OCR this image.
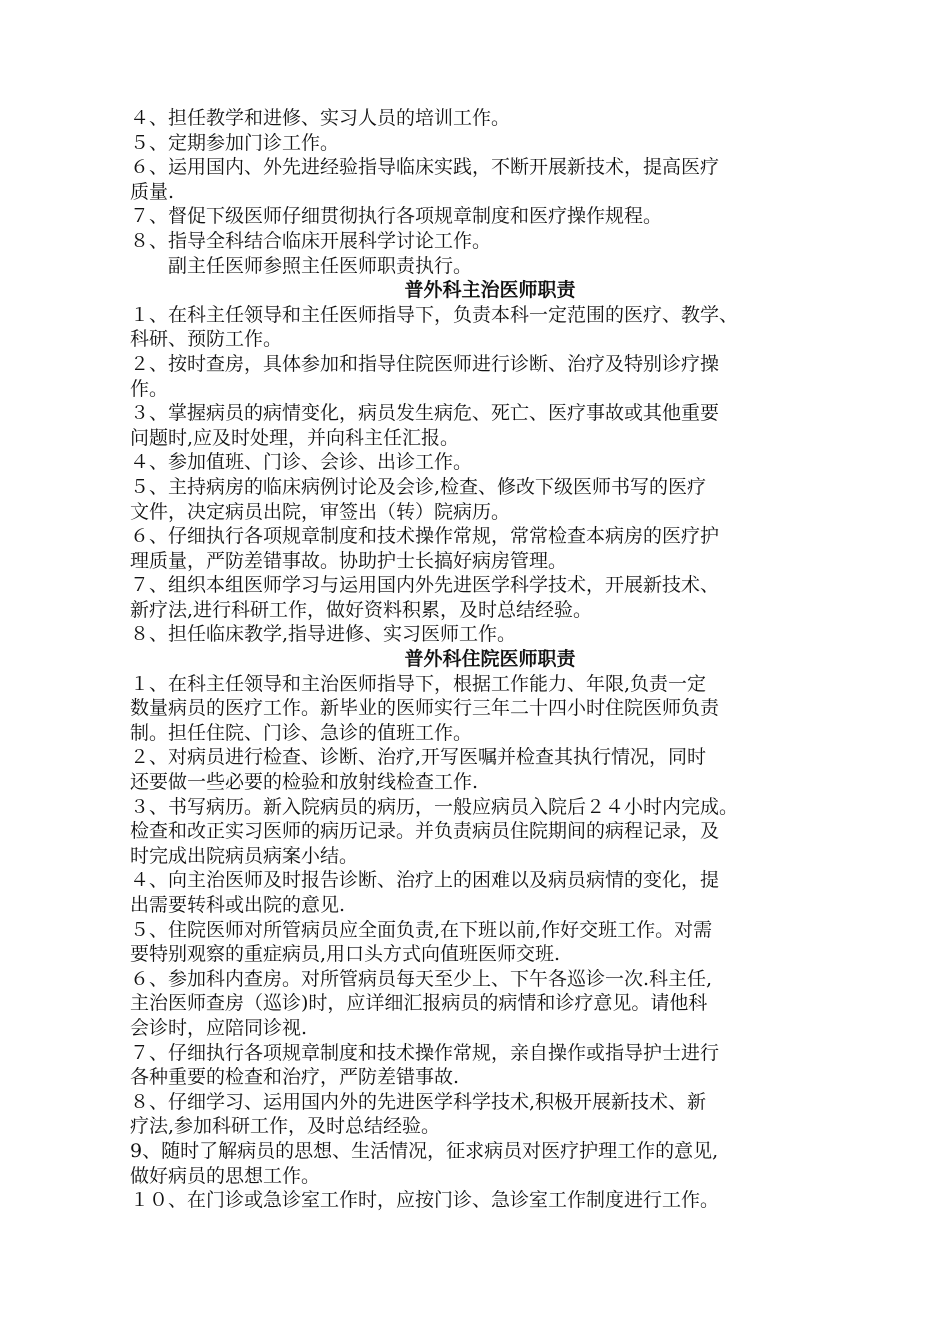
４、担任教学和进修、实习人员的培训工作。
５、定期参加门诊工作。
６、运用国内、外先进经验指导临床实践，不断开展新技术，提高医疗
质量.
７、督促下级医师仔细贯彻执行各项规章制度和医疗操作规程。
８、指导全科结合临床开展科学讨论工作。
　　副主任医师参照主任医师职责执行。
普外科主治医师职责
１、在科主任领导和主任医师指导下，负责本科一定范围的医疗、教学、
科研、预防工作。
２、按时查房，具体参加和指导住院医师进行诊断、治疗及特别诊疗操
作。
３、掌握病员的病情变化，病员发生病危、死亡、医疗事故或其他重要
问题时,应及时处理，并向科主任汇报。
４、参加值班、门诊、会诊、出诊工作。
５、主持病房的临床病例讨论及会诊,检查、修改下级医师书写的医疗
文件，决定病员出院，审签出（转）院病历。
６、仔细执行各项规章制度和技术操作常规，常常检查本病房的医疗护
理质量，严防差错事故。协助护士长搞好病房管理。
７、组织本组医师学习与运用国内外先进医学科学技术，开展新技术、
新疗法,进行科研工作，做好资料积累，及时总结经验。
８、担任临床教学,指导进修、实习医师工作。
普外科住院医师职责
１、在科主任领导和主治医师指导下，根据工作能力、年限,负责一定
数量病员的医疗工作。新毕业的医师实行三年二十四小时住院医师负责
制。担任住院、门诊、急诊的值班工作。
２、对病员进行检查、诊断、治疗,开写医嘱并检查其执行情况，同时
还要做一些必要的检验和放射线检查工作.
３、书写病历。新入院病员的病历，一般应病员入院后２４小时内完成。
检查和改正实习医师的病历记录。并负责病员住院期间的病程记录，及
时完成出院病员病案小结。
４、向主治医师及时报告诊断、治疗上的困难以及病员病情的变化，提
出需要转科或出院的意见.
５、住院医师对所管病员应全面负责,在下班以前,作好交班工作。对需
要特别观察的重症病员,用口头方式向值班医师交班.
６、参加科内查房。对所管病员每天至少上、下午各巡诊一次.科主任,
主治医师查房（巡诊)时，应详细汇报病员的病情和诊疗意见。请他科
会诊时，应陪同诊视.
７、仔细执行各项规章制度和技术操作常规，亲自操作或指导护士进行
各种重要的检查和治疗，严防差错事故.
８、仔细学习、运用国内外的先进医学科学技术,积极开展新技术、新
疗法,参加科研工作，及时总结经验。
9、随时了解病员的思想、生活情况，征求病员对医疗护理工作的意见,
做好病员的思想工作。
１０、在门诊或急诊室工作时，应按门诊、急诊室工作制度进行工作。
